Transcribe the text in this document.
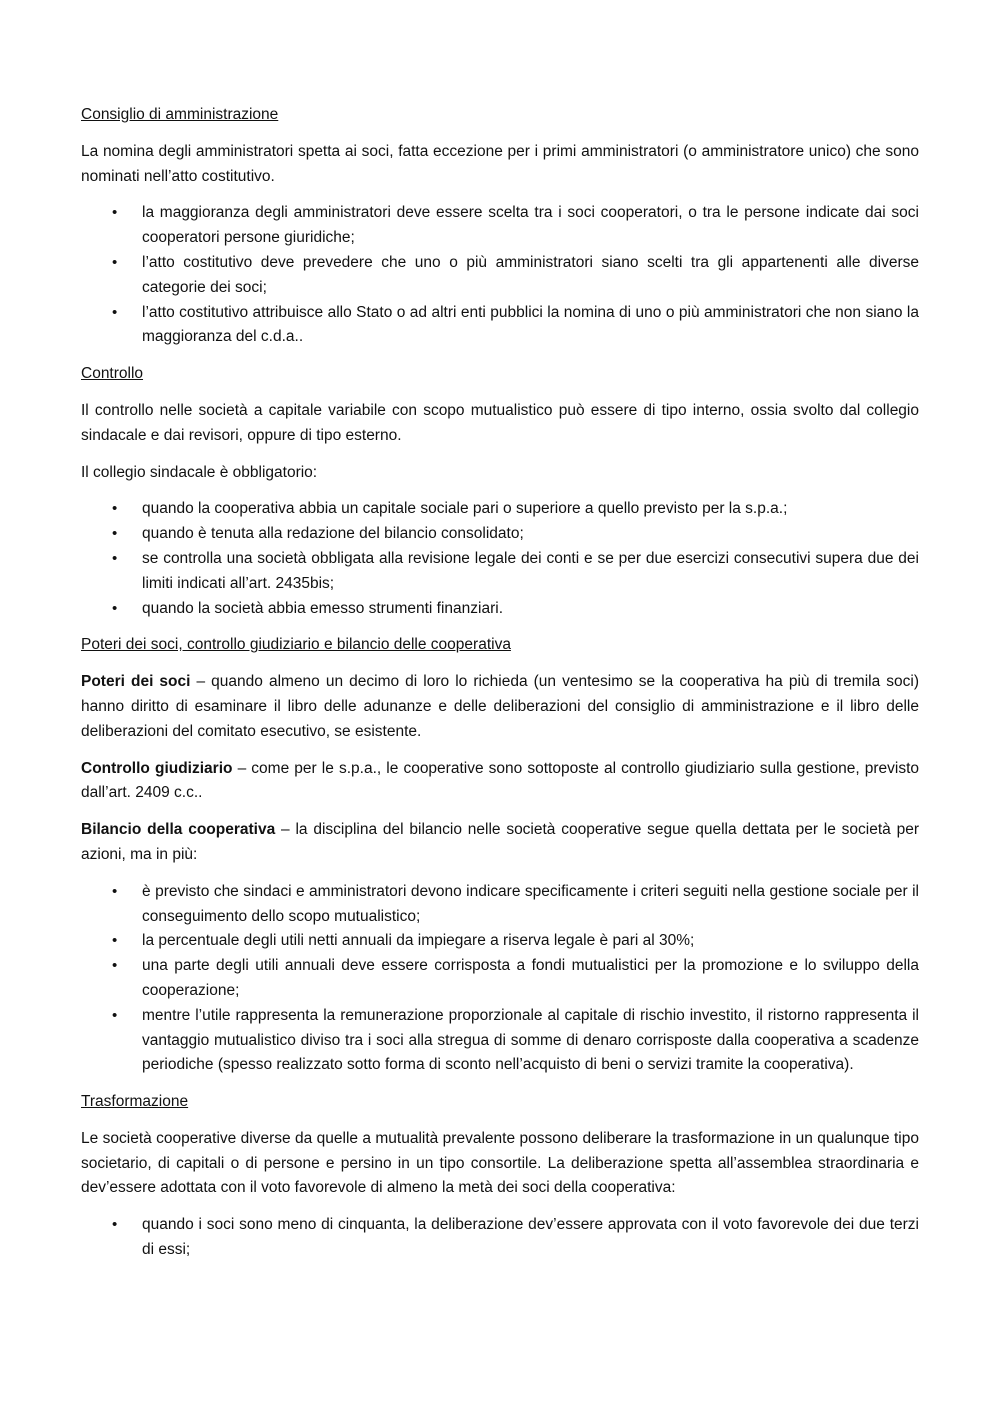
Consiglio di amministrazione

La nomina degli amministratori spetta ai soci, fatta eccezione per i primi amministratori (o amministratore unico) che sono nominati nell’atto costitutivo.

• la maggioranza degli amministratori deve essere scelta tra i soci cooperatori, o tra le persone indicate dai soci cooperatori persone giuridiche;
• l’atto costitutivo deve prevedere che uno o più amministratori siano scelti tra gli appartenenti alle diverse categorie dei soci;
• l’atto costitutivo attribuisce allo Stato o ad altri enti pubblici la nomina di uno o più amministratori che non siano la maggioranza del c.d.a..
Controllo

Il controllo nelle società a capitale variabile con scopo mutualistico può essere di tipo interno, ossia svolto dal collegio sindacale e dai revisori, oppure di tipo esterno.

Il collegio sindacale è obbligatorio:

• quando la cooperativa abbia un capitale sociale pari o superiore a quello previsto per la s.p.a.;
• quando è tenuta alla redazione del bilancio consolidato;
• se controlla una società obbligata alla revisione legale dei conti e se per due esercizi consecutivi supera due dei limiti indicati all’art. 2435bis;
• quando la società abbia emesso strumenti finanziari.
Poteri dei soci, controllo giudiziario e bilancio delle cooperativa

Poteri dei soci – quando almeno un decimo di loro lo richieda (un ventesimo se la cooperativa ha più di tremila soci) hanno diritto di esaminare il libro delle adunanze e delle deliberazioni del consiglio di amministrazione e il libro delle deliberazioni del comitato esecutivo, se esistente.

Controllo giudiziario – come per le s.p.a., le cooperative sono sottoposte al controllo giudiziario sulla gestione, previsto dall’art. 2409 c.c..

Bilancio della cooperativa – la disciplina del bilancio nelle società cooperative segue quella dettata per le società per azioni, ma in più:

• è previsto che sindaci e amministratori devono indicare specificamente i criteri seguiti nella gestione sociale per il conseguimento dello scopo mutualistico;
• la percentuale degli utili netti annuali da impiegare a riserva legale è pari al 30%;
• una parte degli utili annuali deve essere corrisposta a fondi mutualistici per la promozione e lo sviluppo della cooperazione;
• mentre l’utile rappresenta la remunerazione proporzionale al capitale di rischio investito, il ristorno rappresenta il vantaggio mutualistico diviso tra i soci alla stregua di somme di denaro corrisposte dalla cooperativa a scadenze periodiche (spesso realizzato sotto forma di sconto nell’acquisto di beni o servizi tramite la cooperativa).
Trasformazione

Le società cooperative diverse da quelle a mutualità prevalente possono deliberare la trasformazione in un qualunque tipo societario, di capitali o di persone e persino in un tipo consortile. La deliberazione spetta all’assemblea straordinaria e dev’essere adottata con il voto favorevole di almeno la metà dei soci della cooperativa:

• quando i soci sono meno di cinquanta, la deliberazione dev’essere approvata con il voto favorevole dei due terzi di essi;
